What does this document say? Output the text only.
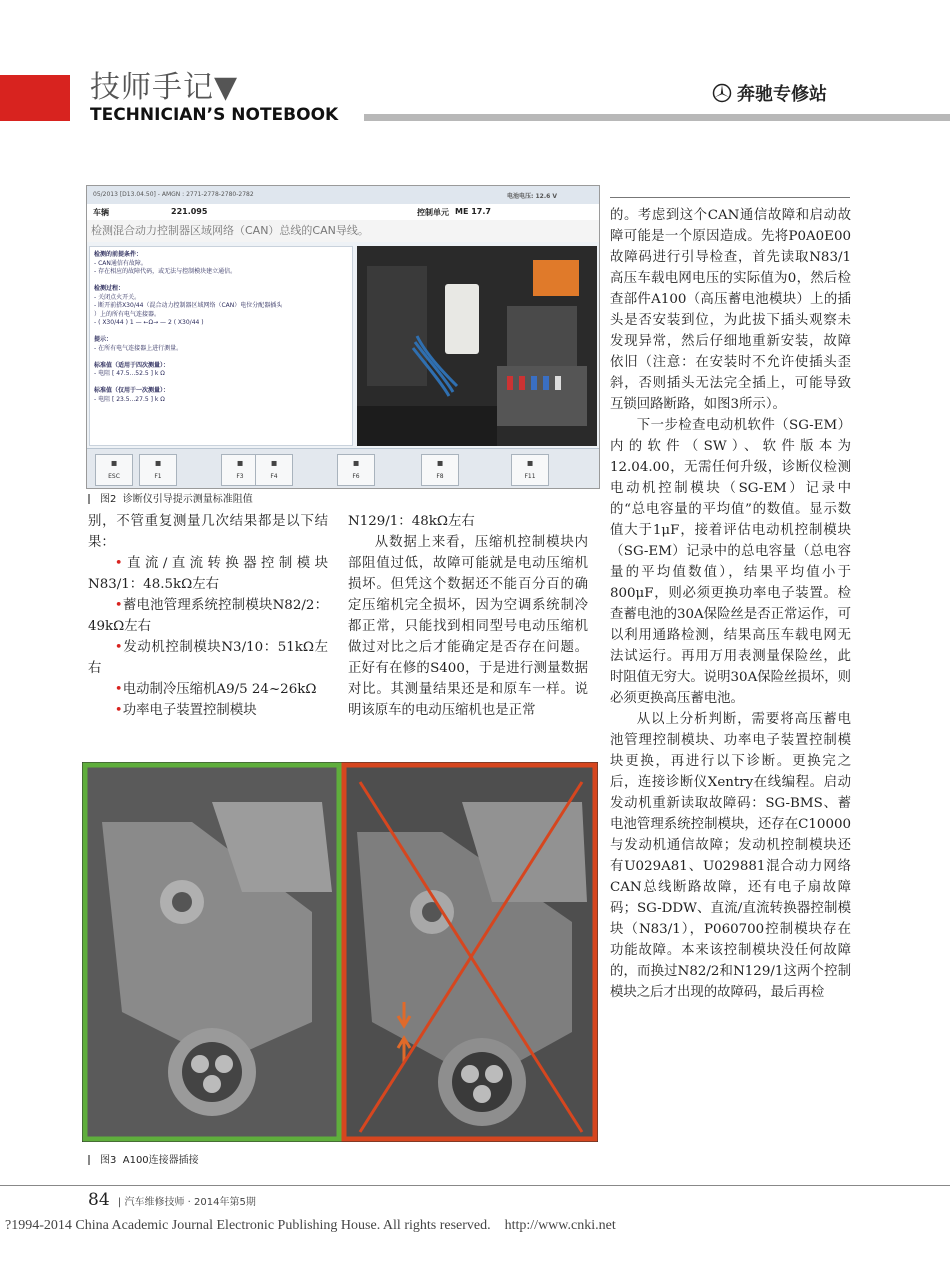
技师手记▼
TECHNICIAN’S NOTEBOOK
奔驰专修站
05/2013 [D13.04.50] - AMGN : 2771-2778-2780-2782	电池电压: 12.6 V
车辆	221.095	控制单元 ME 17.7
检测混合动力控制器区域网络（CAN）总线的CAN导线。
检测的前提条件：
- CAN通信有故障。
- 存在相应的故障代码，或无法与控制模块建立通信。
检测过程：
- 关闭点火开关。
- 断开前搭X30/44（混合动力控制器区域网络（CAN）电位分配器插头
）上的所有电气连接器。
- ( X30/44 ) 1 — ←Ω→ — 2 ( X30/44 )
提示：
- 在所有电气连接器上进行测量。
标准值（适用于四次测量）：
- 电阻 [ 47.5...52.5 ] k Ω
标准值（仅用于一次测量）：
- 电阻 [ 23.5...27.5 ] k Ω
▪
ESC
▪
F1
▪
F3
▪
F4
▪
F6
▪
F8
▪
F11
图2 诊断仪引导提示测量标准阻值

别，不管重复测量几次结果都是以下结果：

•直流/直流转换器控制模块N83/1：48.5kΩ左右

•蓄电池管理系统控制模块N82/2：49kΩ左右

•发动机控制模块N3/10：51kΩ左右

•电动制冷压缩机A9/5 24~26kΩ

•功率电子装置控制模块

N129/1：48kΩ左右

从数据上来看，压缩机控制模块内部阻值过低，故障可能就是电动压缩机损坏。但凭这个数据还不能百分百的确定压缩机完全损坏，因为空调系统制冷都正常，只能找到相同型号电动压缩机做过对比之后才能确定是否存在问题。正好有在修的S400，于是进行测量数据对比。其测量结果还是和原车一样。说明该原车的电动压缩机也是正常

图3 A100连接器插接

的。考虑到这个CAN通信故障和启动故障可能是一个原因造成。先将P0A0E00故障码进行引导检查，首先读取N83/1高压车载电网电压的实际值为0，然后检查部件A100（高压蓄电池模块）上的插头是否安装到位，为此拔下插头观察未发现异常，然后仔细地重新安装，故障依旧（注意：在安装时不允许使插头歪斜，否则插头无法完全插上，可能导致互锁回路断路，如图3所示）。

下一步检查电动机软件（SG-EM）内的软件（SW）、软件版本为12.04.00，无需任何升级，诊断仪检测电动机控制模块（SG-EM）记录中的“总电容量的平均值”的数值。显示数值大于1μF，接着评估电动机控制模块 （SG-EM）记录中的总电容量（总电容量的平均值数值），结果平均值小于800μF，则必须更换功率电子装置。检查蓄电池的30A保险丝是否正常运作，可以利用通路检测，结果高压车载电网无法试运行。再用万用表测量保险丝，此时阻值无穷大。说明30A保险丝损坏，则必须更换高压蓄电池。

从以上分析判断，需要将高压蓄电池管理控制模块、功率电子装置控制模块更换，再进行以下诊断。更换完之后，连接诊断仪Xentry在线编程。启动发动机重新读取故障码：SG-BMS、蓄电池管理系统控制模块，还存在C10000与发动机通信故障；发动机控制模块还有U029A81、U029881混合动力网络CAN总线断路故障，还有电子扇故障码；SG-DDW、直流/直流转换器控制模块（N83/1），P060700控制模块存在功能故障。本来该控制模块没任何故障的，而换过N82/2和N129/1这两个控制模块之后才出现的故障码，最后再检

84  | 汽车维修技师 · 2014年第5期
?1994-2014 China Academic Journal Electronic Publishing House. All rights reserved.    http://www.cnki.net
